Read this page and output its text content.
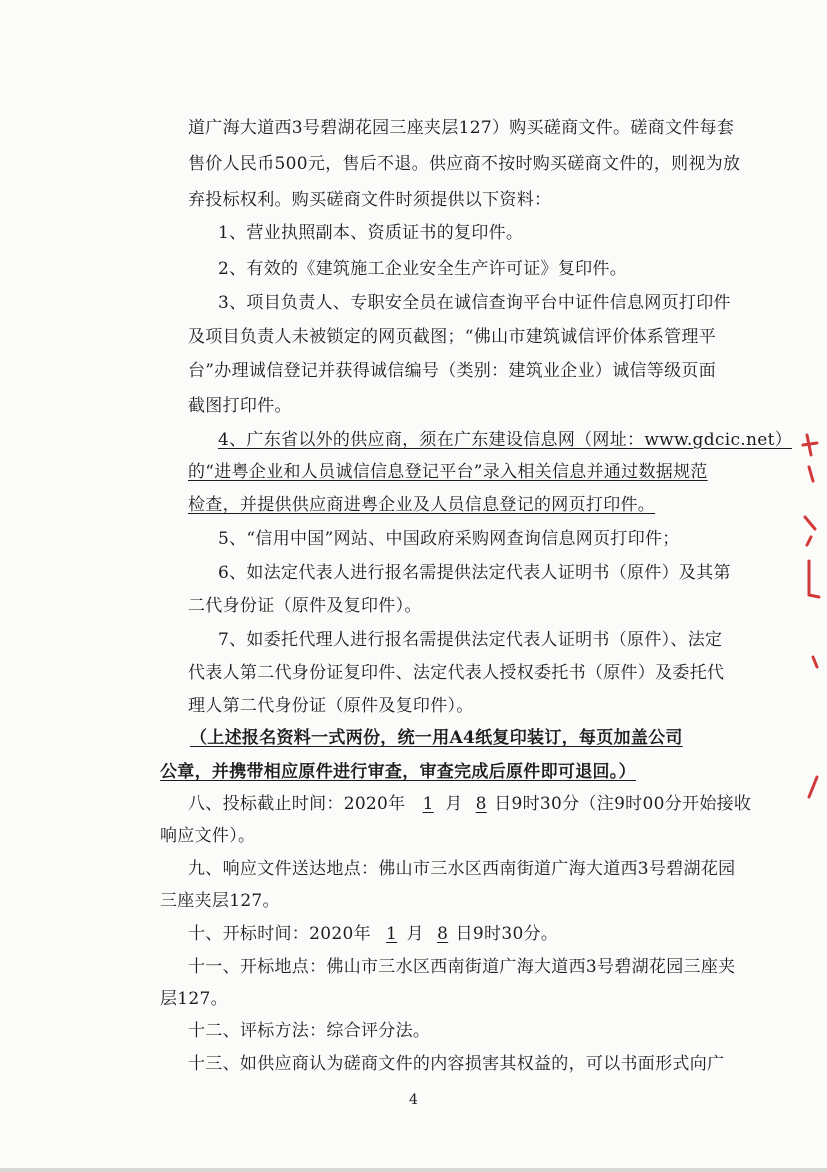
道广海大道西3号碧湖花园三座夹层127）购买磋商文件。磋商文件每套
售价人民币500元，售后不退。供应商不按时购买磋商文件的，则视为放
弃投标权利。购买磋商文件时须提供以下资料：
1、营业执照副本、资质证书的复印件。
2、有效的《建筑施工企业安全生产许可证》复印件。
3、项目负责人、专职安全员在诚信查询平台中证件信息网页打印件
及项目负责人未被锁定的网页截图；“佛山市建筑诚信评价体系管理平
台”办理诚信登记并获得诚信编号（类别：建筑业企业）诚信等级页面
截图打印件。
4、广东省以外的供应商，须在广东建设信息网（网址：www.gdcic.net）
的“进粤企业和人员诚信信息登记平台”录入相关信息并通过数据规范
检查，并提供供应商进粤企业及人员信息登记的网页打印件。
5、“信用中国”网站、中国政府采购网查询信息网页打印件；
6、如法定代表人进行报名需提供法定代表人证明书（原件）及其第
二代身份证（原件及复印件）。
7、如委托代理人进行报名需提供法定代表人证明书（原件）、法定
代表人第二代身份证复印件、法定代表人授权委托书（原件）及委托代
理人第二代身份证（原件及复印件）。
（上述报名资料一式两份，统一用A4纸复印装订，每页加盖公司
公章，并携带相应原件进行审查，审查完成后原件即可退回。）
八、投标截止时间：2020年 1 月 8 日9时30分（注9时00分开始接收
响应文件）。
九、响应文件送达地点：佛山市三水区西南街道广海大道西3号碧湖花园
三座夹层127。
十、开标时间：2020年 1 月 8 日9时30分。
十一、开标地点：佛山市三水区西南街道广海大道西3号碧湖花园三座夹
层127。
十二、评标方法：综合评分法。
十三、如供应商认为磋商文件的内容损害其权益的，可以书面形式向广
4
